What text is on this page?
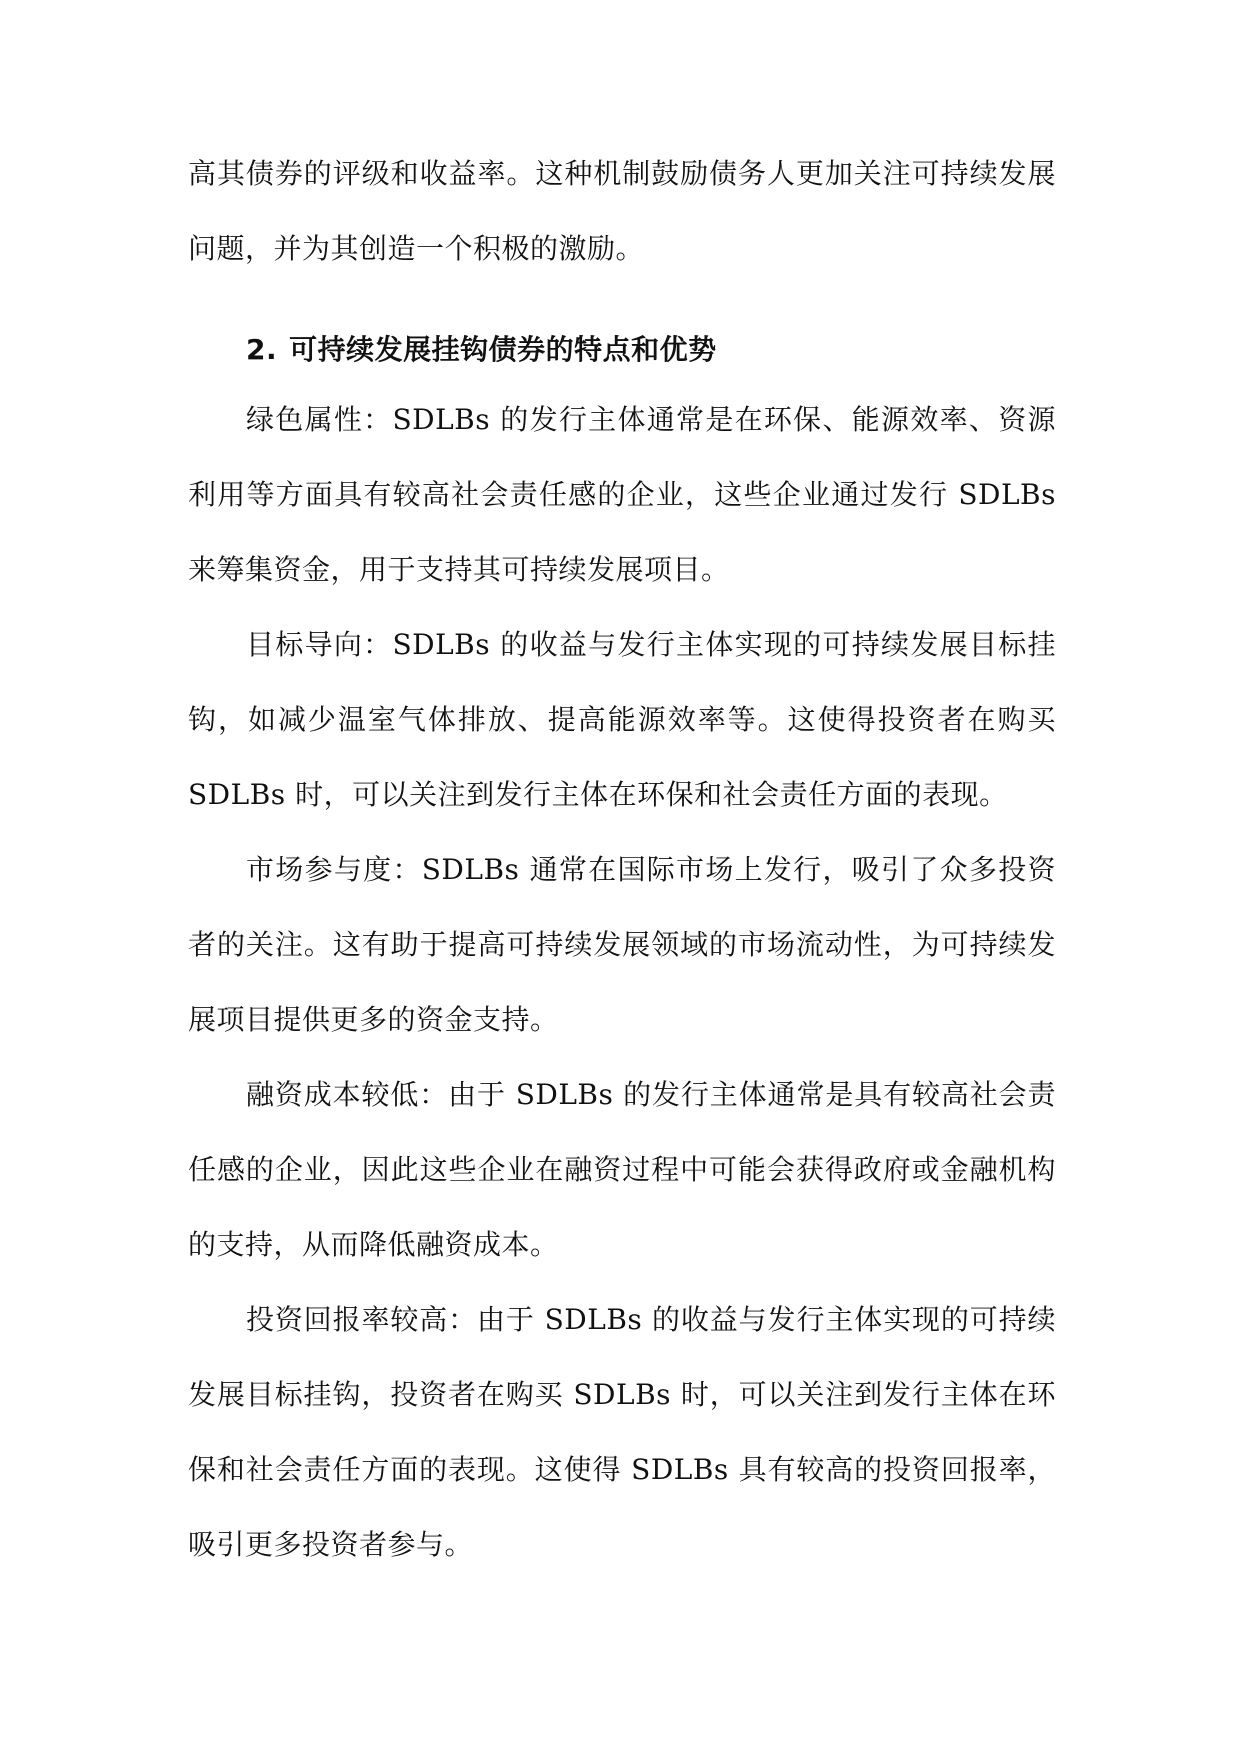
高其债券的评级和收益率。这种机制鼓励债务人更加关注可持续发展问题，并为其创造一个积极的激励。

2. 可持续发展挂钩债券的特点和优势

绿色属性：SDLBs 的发行主体通常是在环保、能源效率、资源利用等方面具有较高社会责任感的企业，这些企业通过发行 SDLBs 来筹集资金，用于支持其可持续发展项目。

目标导向：SDLBs 的收益与发行主体实现的可持续发展目标挂钩，如减少温室气体排放、提高能源效率等。这使得投资者在购买 SDLBs 时，可以关注到发行主体在环保和社会责任方面的表现。

市场参与度：SDLBs 通常在国际市场上发行，吸引了众多投资者的关注。这有助于提高可持续发展领域的市场流动性，为可持续发展项目提供更多的资金支持。

融资成本较低：由于 SDLBs 的发行主体通常是具有较高社会责任感的企业，因此这些企业在融资过程中可能会获得政府或金融机构的支持，从而降低融资成本。

投资回报率较高：由于 SDLBs 的收益与发行主体实现的可持续发展目标挂钩，投资者在购买 SDLBs 时，可以关注到发行主体在环保和社会责任方面的表现。这使得 SDLBs 具有较高的投资回报率，吸引更多投资者参与。
